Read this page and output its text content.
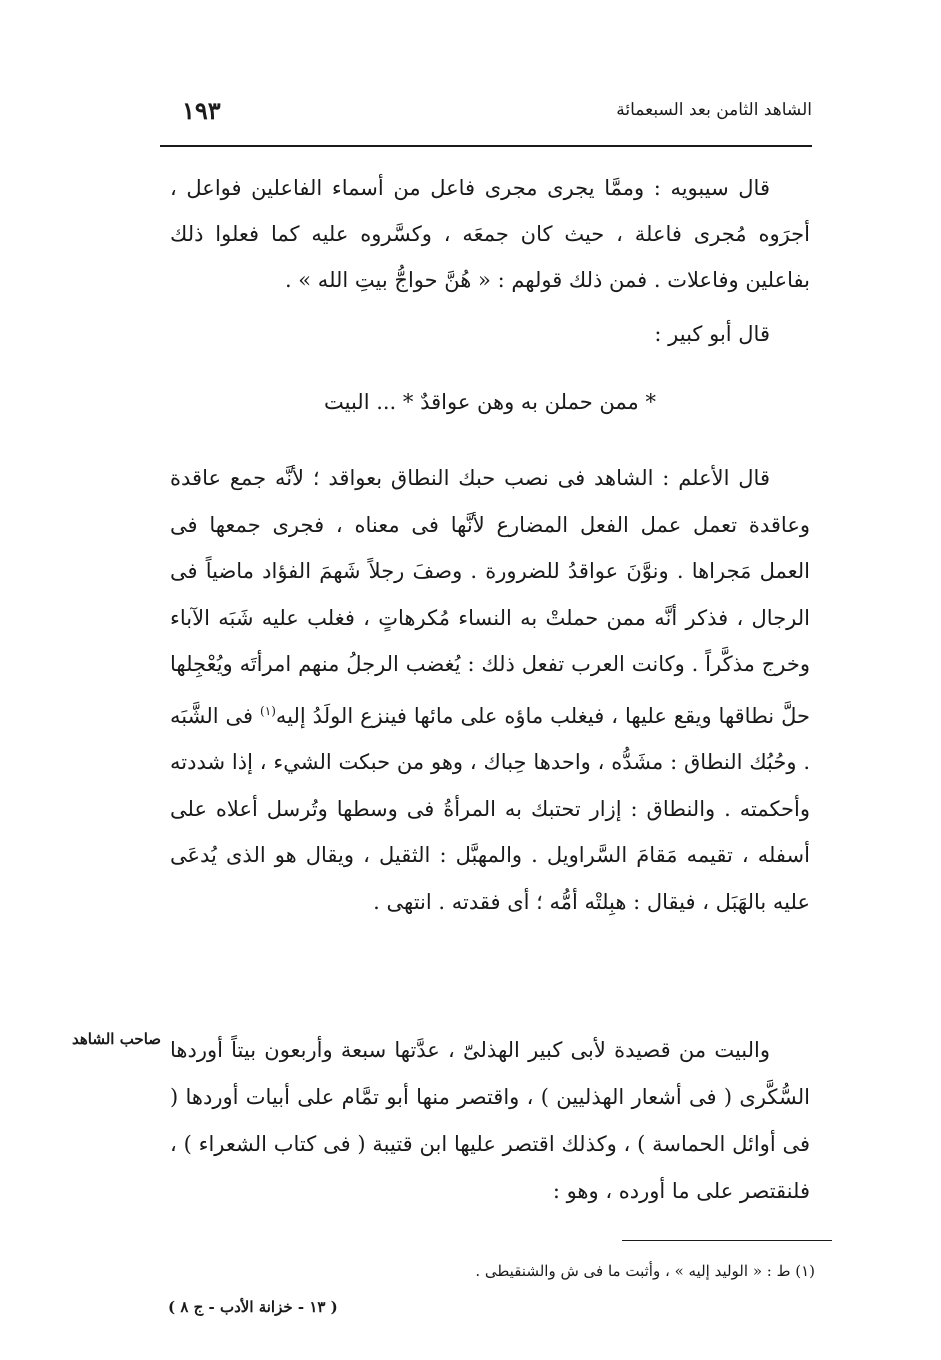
الشاهد الثامن بعد السبعمائة
١٩٣

قال سيبويه : وممَّا يجرى مجرى فاعل من أسماء الفاعلين فواعل ، أجرَوه مُجرى فاعلة ، حيث كان جمعَه ، وكسَّروه عليه كما فعلوا ذلك بفاعلين وفاعلات . فمن ذلك قولهم : « هُنَّ حواجُّ بيتِ الله » .

قال أبو كبير :

* ممن حملن به وهن عواقدٌ * ... البيت

قال الأعلم : الشاهد فى نصب حبك النطاق بعواقد ؛ لأنَّه جمع عاقدة وعاقدة تعمل عمل الفعل المضارع لأنَّها فى معناه ، فجرى جمعها فى العمل مَجراها . ونوَّنَ عواقدُ للضرورة . وصفَ رجلاً شَهمَ الفؤاد ماضياً فى الرجال ، فذكر أنَّه ممن حملتْ به النساء مُكرهاتٍ ، فغلب عليه شَبَه الآباء وخرج مذكَّراً . وكانت العرب تفعل ذلك : يُغضب الرجلُ منهم امرأتَه ويُعْجِلها حلَّ نطاقها ويقع عليها ، فيغلب ماؤه على مائها فينزع الولَدُ إليه$^{(١)}$ فى الشَّبَه . وحُبُك النطاق : مشَدُّه ، واحدها حِباك ، وهو من حبكت الشيء ، إذا شددته وأحكمته . والنطاق : إزار تحتبك به المرأةُ فى وسطها وتُرسل أعلاه على أسفله ، تقيمه مَقامَ السَّراويل . والمهبَّل : الثقيل ، ويقال هو الذى يُدعَى عليه بالهَبَل ، فيقال : هبِلتْه أمُّه ؛ أى فقدته . انتهى .

والبيت من قصيدة لأبى كبير الهذلىّ ، عدَّتها سبعة وأربعون بيتاً أوردها السُّكَّرى ( فى أشعار الهذليين ) ، واقتصر منها أبو تمَّام على أبيات أوردها ( فى أوائل الحماسة ) ، وكذلك اقتصر عليها ابن قتيبة ( فى كتاب الشعراء ) ، فلنقتصر على ما أورده ، وهو :

صاحب الشاهد
(١) ط : « الوليد إليه » ، وأثبت ما فى ش والشنقيطى .
( ١٣ - خزانة الأدب - ج ٨ )
